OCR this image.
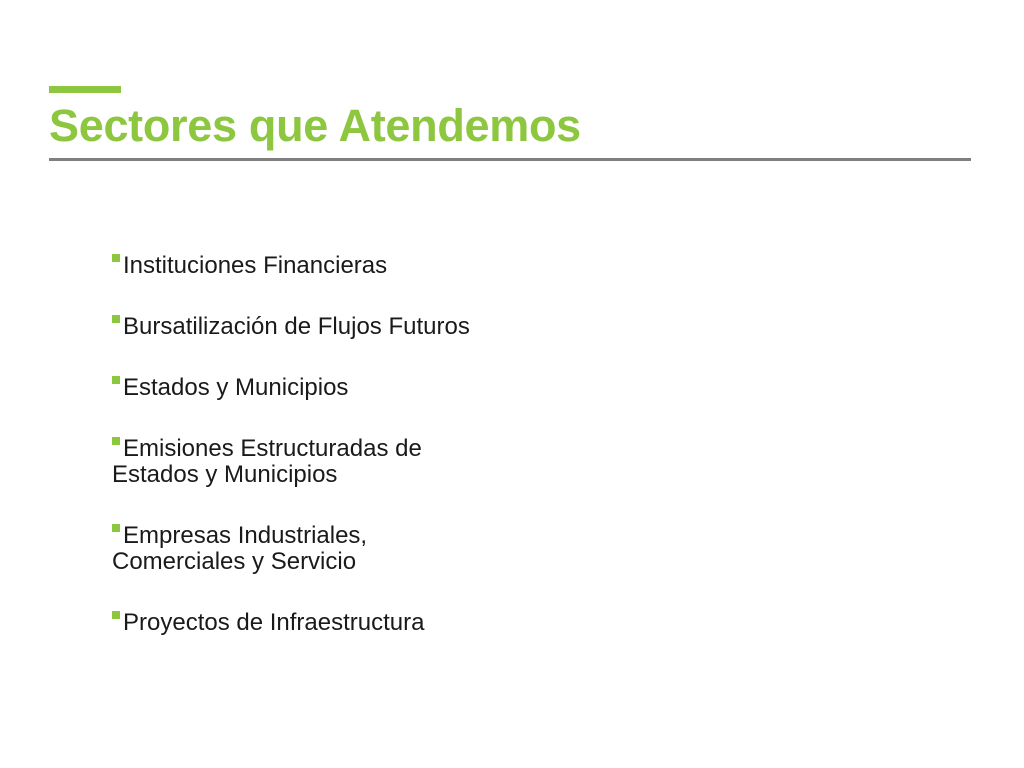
Sectores que Atendemos
Instituciones Financieras
Bursatilización de Flujos Futuros
Estados y Municipios
Emisiones Estructuradas de
Estados y Municipios
Empresas Industriales,
Comerciales y Servicio
Proyectos de Infraestructura
